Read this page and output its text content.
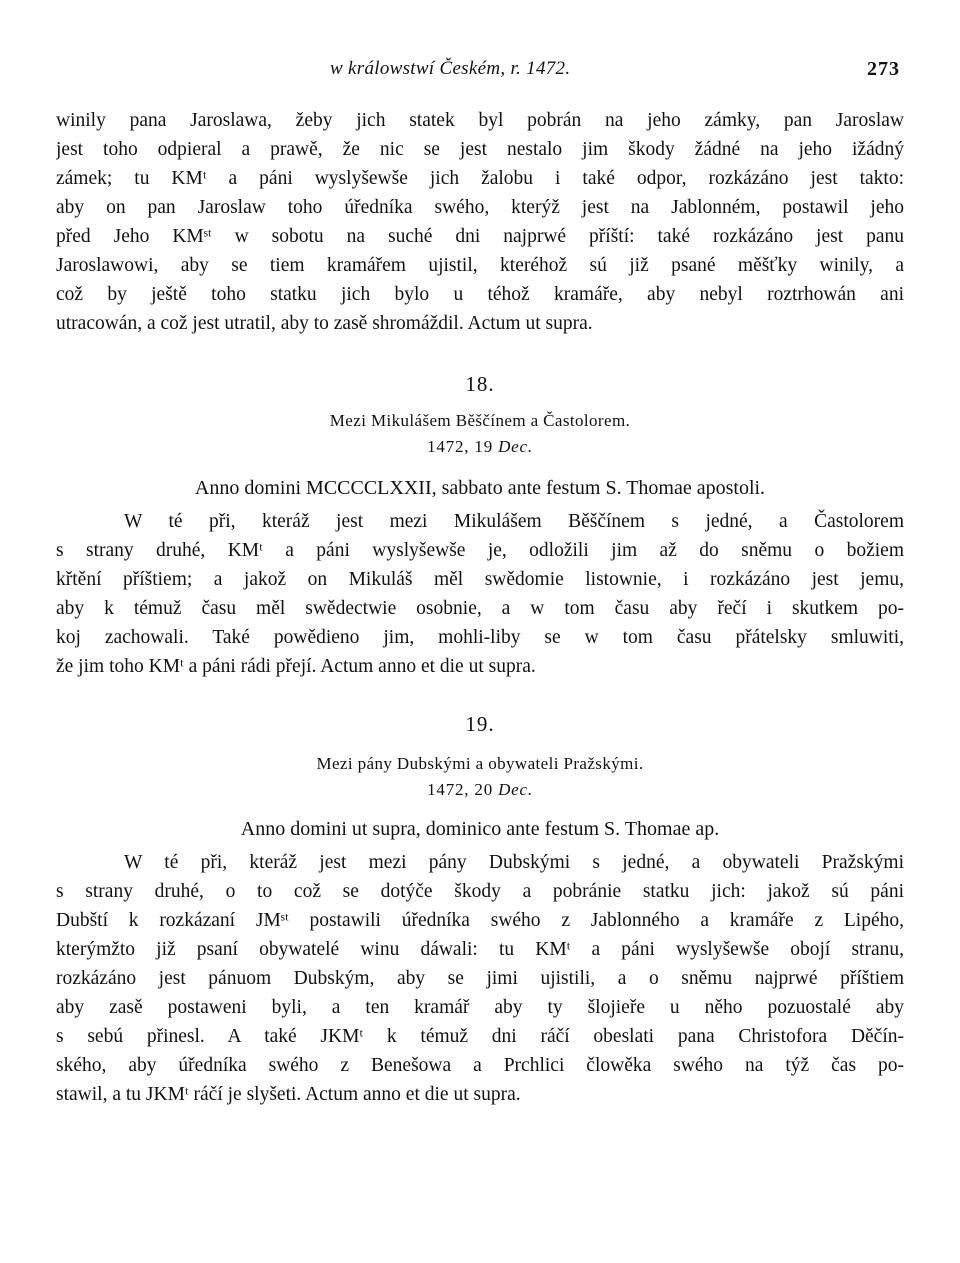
w králowstwí Českém, r. 1472.	273
winily pana Jaroslawa, žeby jich statek byl pobrán na jeho zámky, pan Jaroslaw
jest toho odpieral a prawě, že nic se jest nestalo jim škody žádné na jeho ižádný
zámek; tu KMᵗ a páni wyslyšewše jich žalobu i také odpor, rozkázáno jest takto:
aby on pan Jaroslaw toho úředníka swého, kterýž jest na Jablonném, postawil jeho
před Jeho KMˢᵗ w sobotu na suché dni najprwé příští: také rozkázáno jest panu
Jaroslawowi, aby se tiem kramářem ujistil, kteréhož sú již psané měšťky winily, a
což by ještě toho statku jich bylo u téhož kramáře, aby nebyl roztrhowán ani
utracowán, a což jest utratil, aby to zasě shromáždil. Actum ut supra.
18.
Mezi Mikulášem Běščínem a Častolorem.
1472, 19 Dec.
Anno domini MCCCCLXXII, sabbato ante festum S. Thomae apostoli.
W té při, kteráž jest mezi Mikulášem Běščínem s jedné, a Častolorem
s strany druhé, KMᵗ a páni wyslyšewše je, odložili jim až do sněmu o božiem
křtění příštiem; a jakož on Mikuláš měl swědomie listownie, i rozkázáno jest jemu,
aby k témuž času měl swědectwie osobnie, a w tom času aby řečí i skutkem po-
koj zachowali. Také powědieno jim, mohli-liby se w tom času přátelsky smluwiti,
že jim toho KMᵗ a páni rádi přejí. Actum anno et die ut supra.
19.
Mezi pány Dubskými a obywateli Pražskými.
1472, 20 Dec.
Anno domini ut supra, dominico ante festum S. Thomae ap.
W té při, kteráž jest mezi pány Dubskými s jedné, a obywateli Pražskými
s strany druhé, o to což se dotýče škody a pobránie statku jich: jakož sú páni
Dubští k rozkázaní JMˢᵗ postawili úředníka swého z Jablonného a kramáře z Lipého,
kterýmžto již psaní obywatelé winu dáwali: tu KMᵗ a páni wyslyšewše obojí stranu,
rozkázáno jest pánuom Dubským, aby se jimi ujistili, a o sněmu najprwé příštiem
aby zasě postaweni byli, a ten kramář aby ty šlojieře u něho pozuostalé aby
s sebú přinesl. A také JKMᵗ k témuž dni ráčí obeslati pana Christofora Děčín-
ského, aby úředníka swého z Benešowa a Prchlici člowěka swého na týž čas po-
stawil, a tu JKMᵗ ráčí je slyšeti. Actum anno et die ut supra.
